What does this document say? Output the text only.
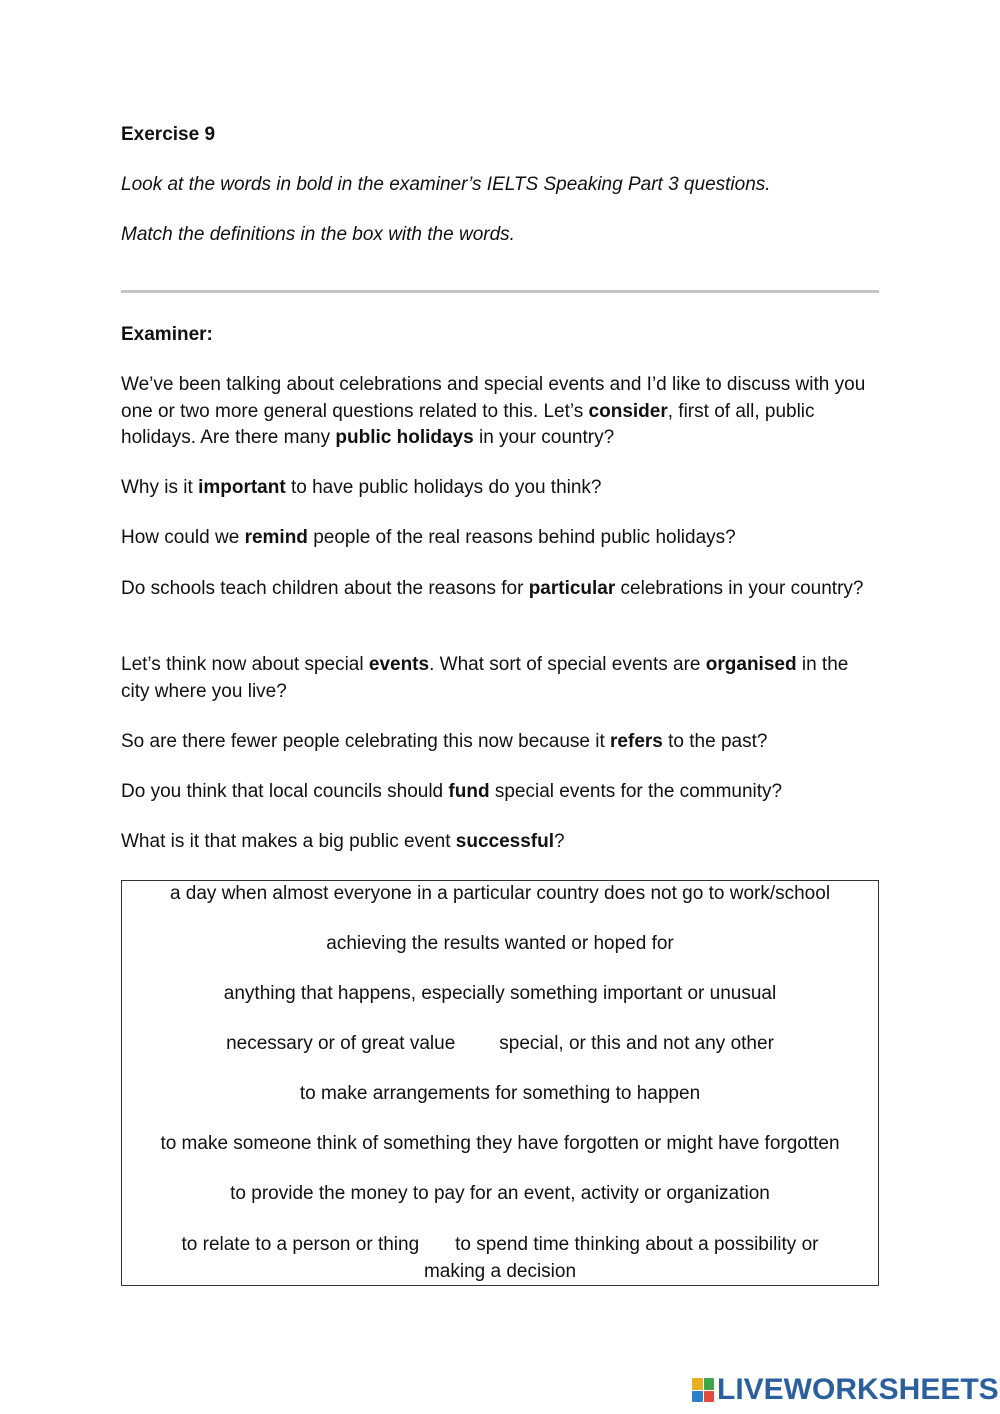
Exercise 9
Look at the words in bold in the examiner’s IELTS Speaking Part 3 questions.
Match the definitions in the box with the words.
Examiner:
We’ve been talking about celebrations and special events and I’d like to discuss with you one or two more general questions related to this. Let’s consider, first of all, public holidays. Are there many public holidays in your country?
Why is it important to have public holidays do you think?
How could we remind people of the real reasons behind public holidays?
Do schools teach children about the reasons for particular celebrations in your country?
Let’s think now about special events. What sort of special events are organised in the city where you live?
So are there fewer people celebrating this now because it refers to the past?
Do you think that local councils should fund special events for the community?
What is it that makes a big public event successful?
a day when almost everyone in a particular country does not go to work/school
achieving the results wanted or hoped for
anything that happens, especially something important or unusual
necessary or of great value special, or this and not any other
to make arrangements for something to happen
to make someone think of something they have forgotten or might have forgotten
to provide the money to pay for an event, activity or organization
to relate to a person or thing to spend time thinking about a possibility or making a decision
LIVEWORKSHEETS
